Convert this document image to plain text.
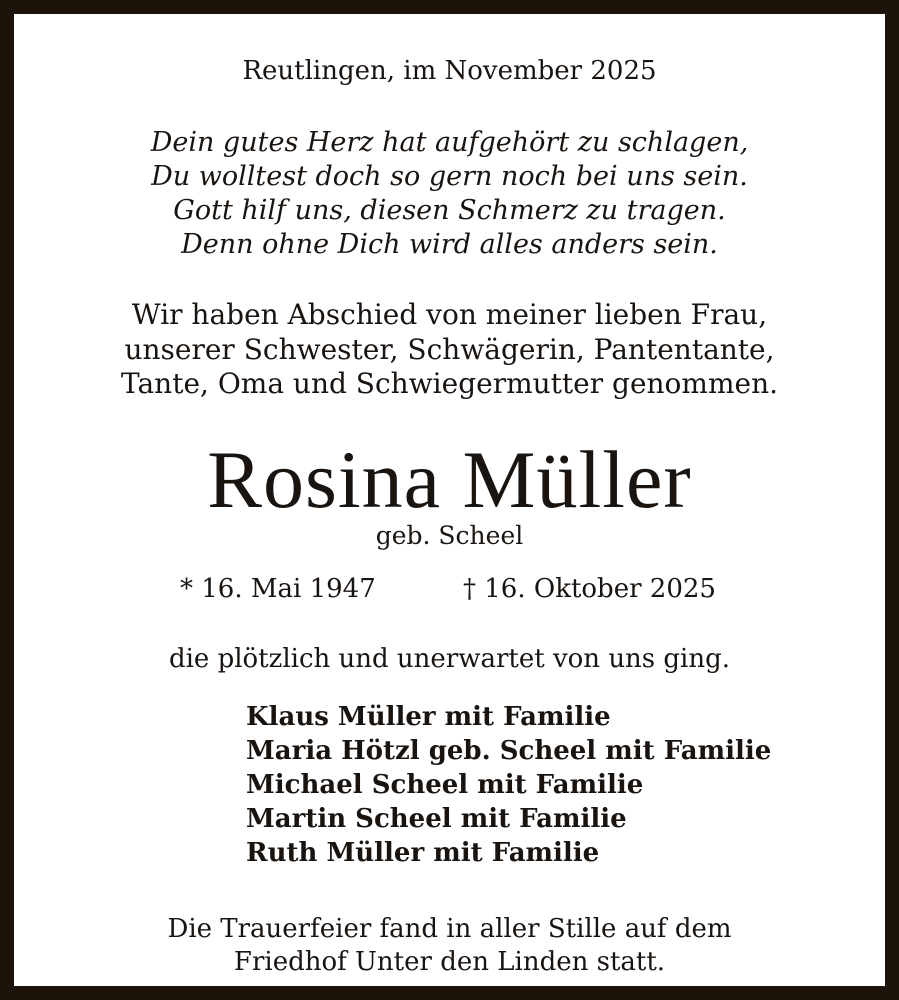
Reutlingen, im November 2025
Dein gutes Herz hat aufgehört zu schlagen,
Du wolltest doch so gern noch bei uns sein.
Gott hilf uns, diesen Schmerz zu tragen.
Denn ohne Dich wird alles anders sein.
Wir haben Abschied von meiner lieben Frau,
unserer Schwester, Schwägerin, Pantentante,
Tante, Oma und Schwiegermutter genommen.
Rosina Müller
geb. Scheel
* 16. Mai 1947	† 16. Oktober 2025
die plötzlich und unerwartet von uns ging.
Klaus Müller mit Familie
Maria Hötzl geb. Scheel mit Familie
Michael Scheel mit Familie
Martin Scheel mit Familie
Ruth Müller mit Familie
Die Trauerfeier fand in aller Stille auf dem
Friedhof Unter den Linden statt.
